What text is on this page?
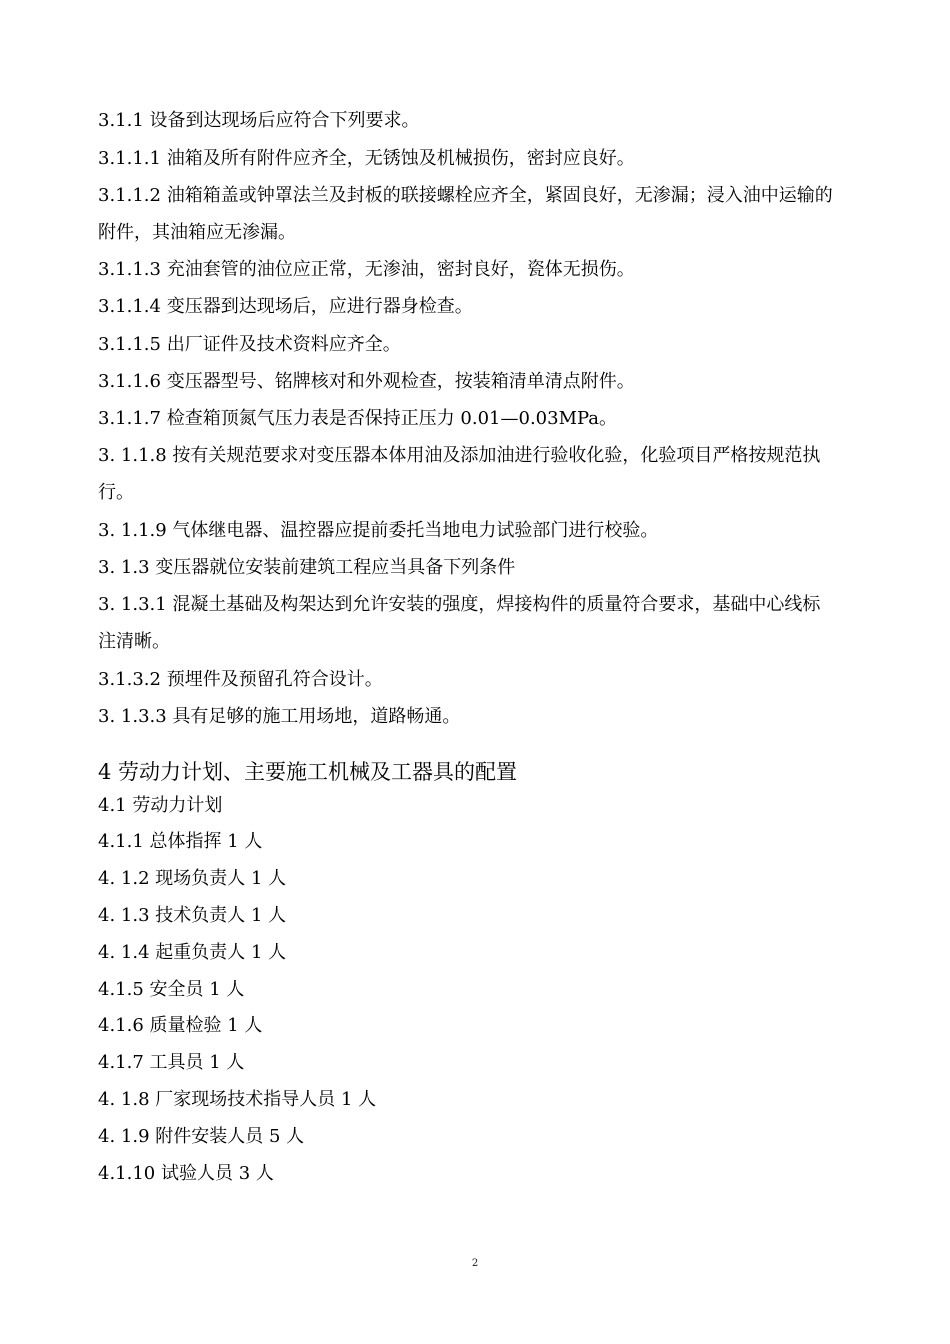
3.1.1 设备到达现场后应符合下列要求。
3.1.1.1 油箱及所有附件应齐全，无锈蚀及机械损伤，密封应良好。
3.1.1.2 油箱箱盖或钟罩法兰及封板的联接螺栓应齐全，紧固良好，无渗漏；浸入油中运输的
附件，其油箱应无渗漏。
3.1.1.3 充油套管的油位应正常，无渗油，密封良好，瓷体无损伤。
3.1.1.4 变压器到达现场后，应进行器身检查。
3.1.1.5 出厂证件及技术资料应齐全。
3.1.1.6 变压器型号、铭牌核对和外观检查，按装箱清单清点附件。
3.1.1.7 检查箱顶氮气压力表是否保持正压力 0.01—0.03MPa。
3. 1.1.8 按有关规范要求对变压器本体用油及添加油进行验收化验，化验项目严格按规范执
行。
3. 1.1.9 气体继电器、温控器应提前委托当地电力试验部门进行校验。
3. 1.3 变压器就位安装前建筑工程应当具备下列条件
3. 1.3.1 混凝土基础及构架达到允许安装的强度，焊接构件的质量符合要求，基础中心线标
注清晰。
3.1.3.2 预埋件及预留孔符合设计。
3. 1.3.3 具有足够的施工用场地，道路畅通。
4 劳动力计划、主要施工机械及工器具的配置
4.1 劳动力计划
4.1.1 总体指挥 1 人
4. 1.2 现场负责人 1 人
4. 1.3 技术负责人 1 人
4. 1.4 起重负责人 1 人
4.1.5 安全员 1 人
4.1.6 质量检验 1 人
4.1.7 工具员 1 人
4. 1.8 厂家现场技术指导人员 1 人
4. 1.9 附件安装人员 5 人
4.1.10 试验人员 3 人
2
